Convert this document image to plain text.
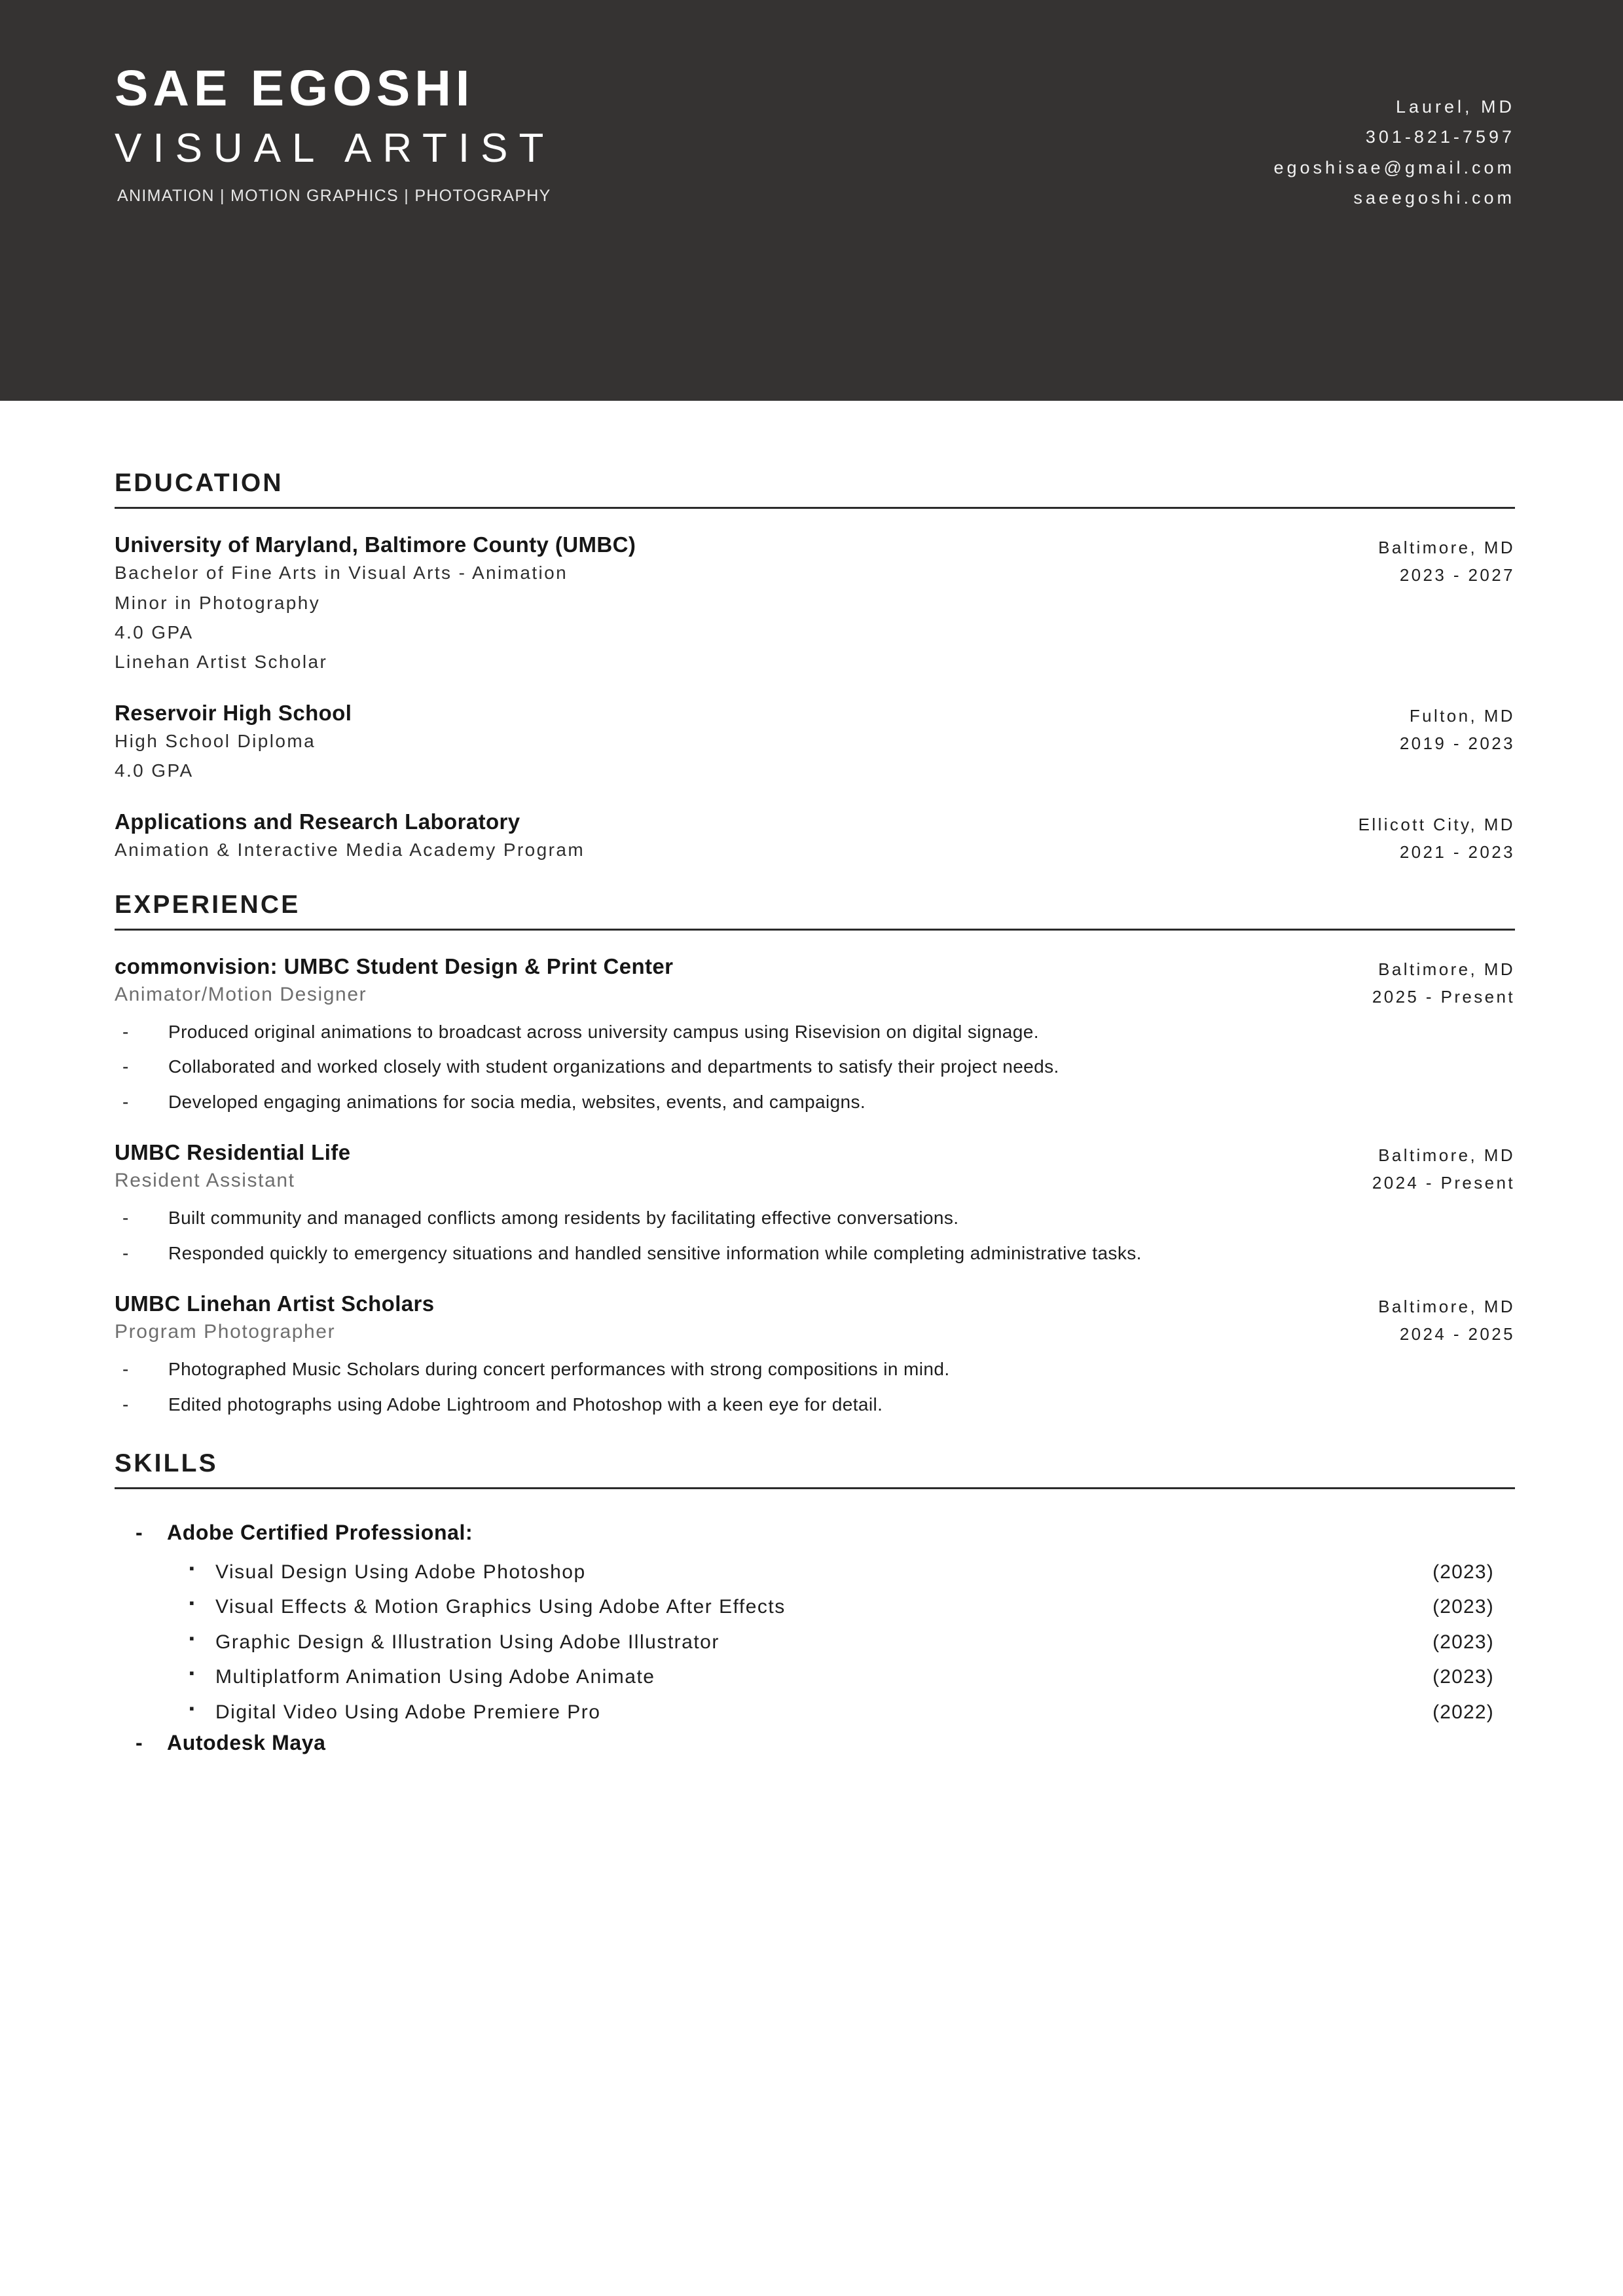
SAE EGOSHI
VISUAL ARTIST
ANIMATION | MOTION GRAPHICS | PHOTOGRAPHY
Laurel, MD
301-821-7597
egoshisae@gmail.com
saeegoshi.com
EDUCATION
University of Maryland, Baltimore County (UMBC)
Bachelor of Fine Arts in Visual Arts - Animation
Minor in Photography
4.0 GPA
Linehan Artist Scholar
Baltimore, MD
2023 - 2027
Reservoir High School
High School Diploma
4.0 GPA
Fulton, MD
2019 - 2023
Applications and Research Laboratory
Animation & Interactive Media Academy Program
Ellicott City, MD
2021 - 2023
EXPERIENCE
commonvision: UMBC Student Design & Print Center
Animator/Motion Designer
Baltimore, MD
2025 - Present
- Produced original animations to broadcast across university campus using Risevision on digital signage.
- Collaborated and worked closely with student organizations and departments to satisfy their project needs.
- Developed engaging animations for socia media, websites, events, and campaigns.
UMBC Residential Life
Resident Assistant
Baltimore, MD
2024 - Present
- Built community and managed conflicts among residents by facilitating effective conversations.
- Responded quickly to emergency situations and handled sensitive information while completing administrative tasks.
UMBC Linehan Artist Scholars
Program Photographer
Baltimore, MD
2024 - 2025
- Photographed Music Scholars during concert performances with strong compositions in mind.
- Edited photographs using Adobe Lightroom and Photoshop with a keen eye for detail.
SKILLS
- Adobe Certified Professional:
▪ Visual Design Using Adobe Photoshop	(2023)
▪ Visual Effects & Motion Graphics Using Adobe After Effects	(2023)
▪ Graphic Design & Illustration Using Adobe Illustrator	(2023)
▪ Multiplatform Animation Using Adobe Animate	(2023)
▪ Digital Video Using Adobe Premiere Pro	(2022)
- Autodesk Maya
